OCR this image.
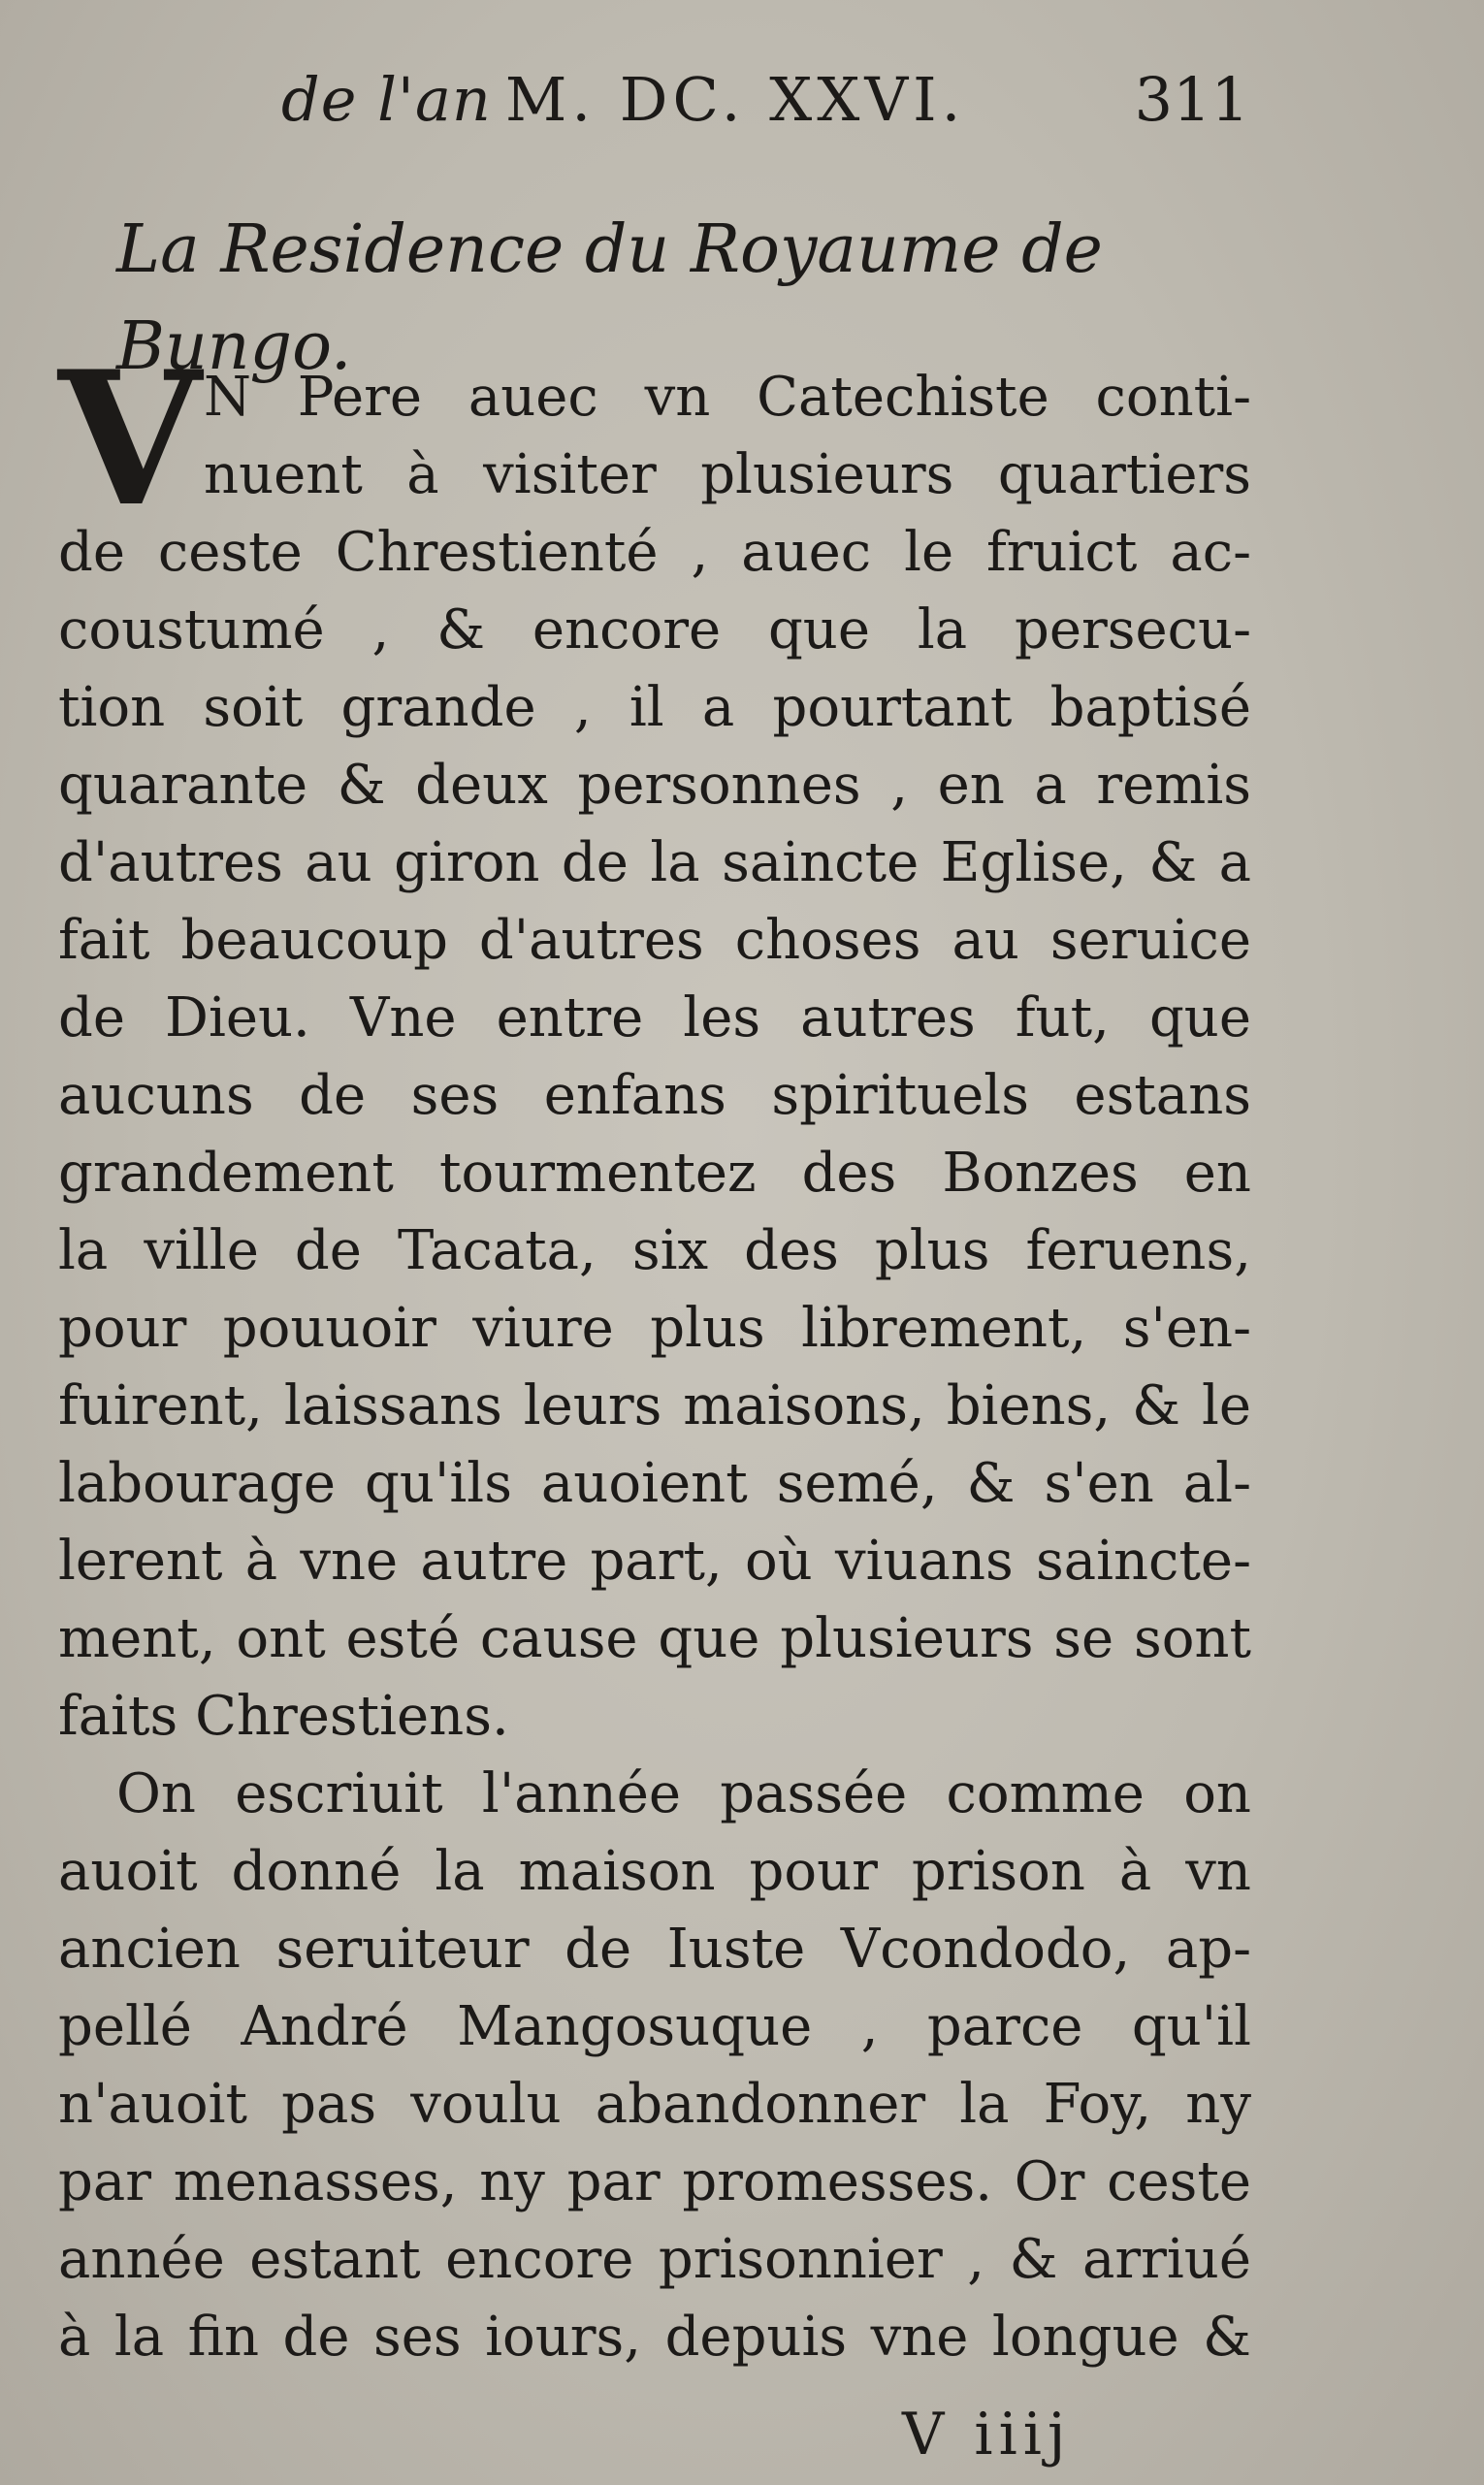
de l'an M. DC. XXVI.	311
La Residence du Royaume de Bungo.
V N Pere auec vn Catechiste conti-
nuent à visiter plusieurs quartiers
de ceste Chrestienté , auec le fruict ac-
coustumé , & encore que la persecu-
tion soit grande , il a pourtant baptisé
quarante & deux personnes , en a remis
d'autres au giron de la saincte Eglise, & a
fait beaucoup d'autres choses au seruice
de Dieu. Vne entre les autres fut, que
aucuns de ses enfans spirituels estans
grandement tourmentez des Bonzes en
la ville de Tacata, six des plus feruens,
pour pouuoir viure plus librement, s'en-
fuirent, laissans leurs maisons, biens, & le
labourage qu'ils auoient semé, & s'en al-
lerent à vne autre part, où viuans saincte-
ment, ont esté cause que plusieurs se sont
faits Chrestiens.
On escriuit l'année passée comme on
auoit donné la maison pour prison à vn
ancien seruiteur de Iuste Vcondodo, ap-
pellé André Mangosuque , parce qu'il
n'auoit pas voulu abandonner la Foy, ny
par menasses, ny par promesses. Or ceste
année estant encore prisonnier , & arriué
à la fin de ses iours, depuis vne longue &
V iiij
